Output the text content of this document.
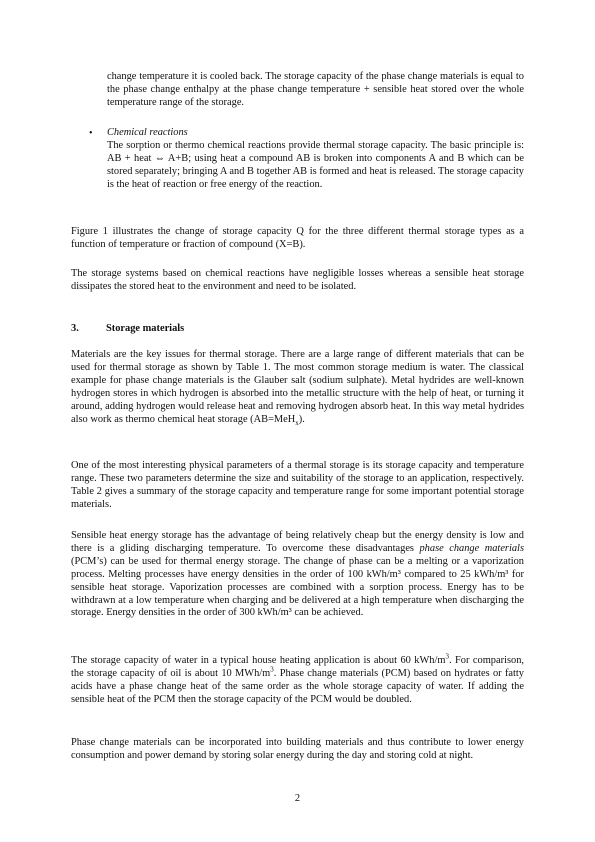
change temperature it is cooled back. The storage capacity of the phase change materials is equal to the phase change enthalpy at the phase change temperature + sensible heat stored over the whole temperature range of the storage.

• Chemical reactions
The sorption or thermo chemical reactions provide thermal storage capacity. The basic principle is: AB + heat ⇔ A+B; using heat a compound AB is broken into components A and B which can be stored separately; bringing A and B together AB is formed and heat is released. The storage capacity is the heat of reaction or free energy of the reaction.

Figure 1 illustrates the change of storage capacity Q for the three different thermal storage types as a function of temperature or fraction of compound (X=B).

The storage systems based on chemical reactions have negligible losses whereas a sensible heat storage dissipates the stored heat to the environment and need to be isolated.

3.	Storage materials

Materials are the key issues for thermal storage. There are a large range of different materials that can be used for thermal storage as shown by Table 1. The most common storage medium is water. The classical example for phase change materials is the Glauber salt (sodium sulphate). Metal hydrides are well-known hydrogen stores in which hydrogen is absorbed into the metallic structure with the help of heat, or turning it around, adding hydrogen would release heat and removing hydrogen absorb heat. In this way metal hydrides also work as thermo chemical heat storage (AB=MeH$_x$).

One of the most interesting physical parameters of a thermal storage is its storage capacity and temperature range. These two parameters determine the size and suitability of the storage to an application, respectively. Table 2 gives a summary of the storage capacity and temperature range for some important potential storage materials.

Sensible heat energy storage has the advantage of being relatively cheap but the energy density is low and there is a gliding discharging temperature. To overcome these disadvantages phase change materials (PCM’s) can be used for thermal energy storage. The change of phase can be a melting or a vaporization process. Melting processes have energy densities in the order of 100 kWh/m³ compared to 25 kWh/m³ for sensible heat storage. Vaporization processes are combined with a sorption process. Energy has to be withdrawn at a low temperature when charging and be delivered at a high temperature when discharging the storage. Energy densities in the order of 300 kWh/m³ can be achieved.

The storage capacity of water in a typical house heating application is about 60 kWh/$m^3$. For comparison, the storage capacity of oil is about 10 MWh/$m^3$. Phase change materials (PCM) based on hydrates or fatty acids have a phase change heat of the same order as the whole storage capacity of water. If adding the sensible heat of the PCM then the storage capacity of the PCM would be doubled.

Phase change materials can be incorporated into building materials and thus contribute to lower energy consumption and power demand by storing solar energy during the day and storing cold at night.

2
